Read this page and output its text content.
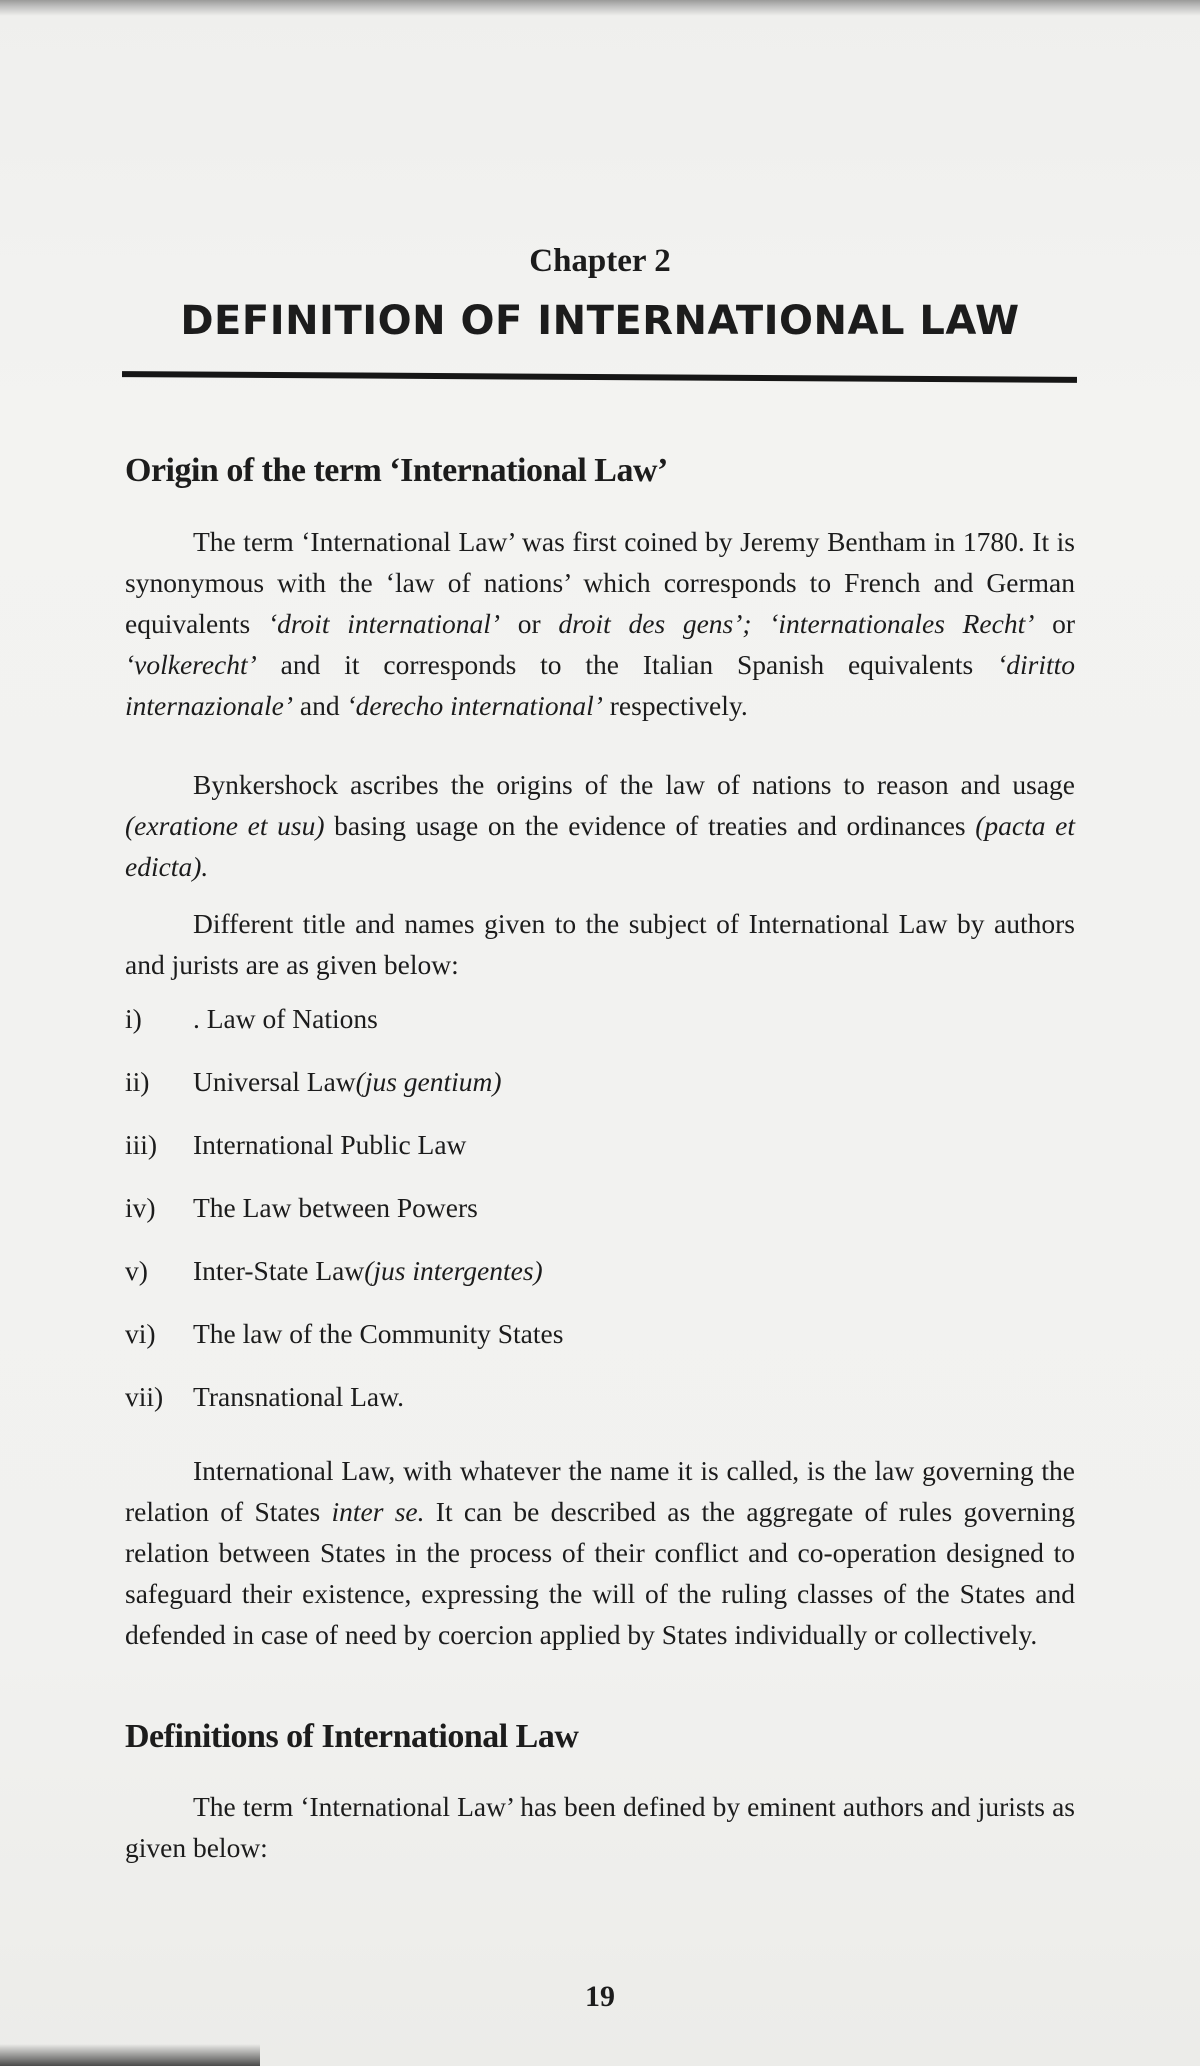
Chapter 2
DEFINITION OF INTERNATIONAL LAW
Origin of the term ‘International Law’

The term ‘International Law’ was first coined by Jeremy Bentham in 1780. It is synonymous with the ‘law of nations’ which corresponds to French and German equivalents ‘droit international’ or droit des gens’; ‘internationales Recht’ or ‘volkerecht’ and it corresponds to the Italian Spanish equivalents ‘diritto internazionale’ and ‘derecho international’ respectively.

Bynkershock ascribes the origins of the law of nations to reason and usage (exratione et usu) basing usage on the evidence of treaties and ordinances (pacta et edicta).

Different title and names given to the subject of International Law by authors and jurists are as given below:

i)	. Law of Nations
ii)	Universal Law (jus gentium)
iii)	International Public Law
iv)	The Law between Powers
v)	Inter-State Law (jus intergentes)
vi)	The law of the Community States
vii)	Transnational Law.

International Law, with whatever the name it is called, is the law governing the relation of States inter se. It can be described as the aggregate of rules governing relation between States in the process of their conflict and co-operation designed to safeguard their existence, expressing the will of the ruling classes of the States and defended in case of need by coercion applied by States individually or collectively.

Definitions of International Law

The term ‘International Law’ has been defined by eminent authors and jurists as given below:

19
